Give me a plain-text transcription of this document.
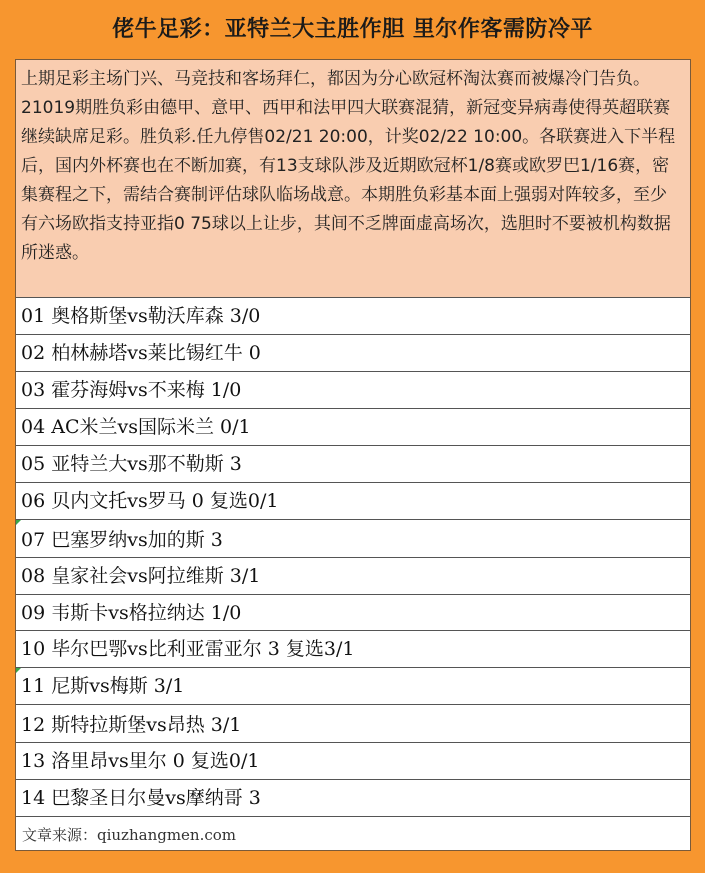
佬牛足彩：亚特兰大主胜作胆 里尔作客需防冷平
上期足彩主场门兴、马竞技和客场拜仁，都因为分心欧冠杯淘汰赛而被爆冷门告负。21019期胜负彩由德甲、意甲、西甲和法甲四大联赛混猜，新冠变异病毒使得英超联赛继续缺席足彩。胜负彩.任九停售02/21 20:00，计奖02/22 10:00。各联赛进入下半程后，国内外杯赛也在不断加赛，有13支球队涉及近期欧冠杯1/8赛或欧罗巴1/16赛，密集赛程之下，需结合赛制评估球队临场战意。本期胜负彩基本面上强弱对阵较多，至少有六场欧指支持亚指0 75球以上让步，其间不乏牌面虚高场次，选胆时不要被机构数据所迷惑。
01 奥格斯堡vs勒沃库森 3/0
02 柏林赫塔vs莱比锡红牛 0
03 霍芬海姆vs不来梅 1/0
04 AC米兰vs国际米兰 0/1
05 亚特兰大vs那不勒斯 3
06 贝内文托vs罗马 0 复选0/1
07 巴塞罗纳vs加的斯 3
08 皇家社会vs阿拉维斯 3/1
09 韦斯卡vs格拉纳达 1/0
10 毕尔巴鄂vs比利亚雷亚尔 3 复选3/1
11 尼斯vs梅斯 3/1
12 斯特拉斯堡vs昂热 3/1
13 洛里昂vs里尔 0 复选0/1
14 巴黎圣日尔曼vs摩纳哥 3
文章来源：qiuzhangmen.com
